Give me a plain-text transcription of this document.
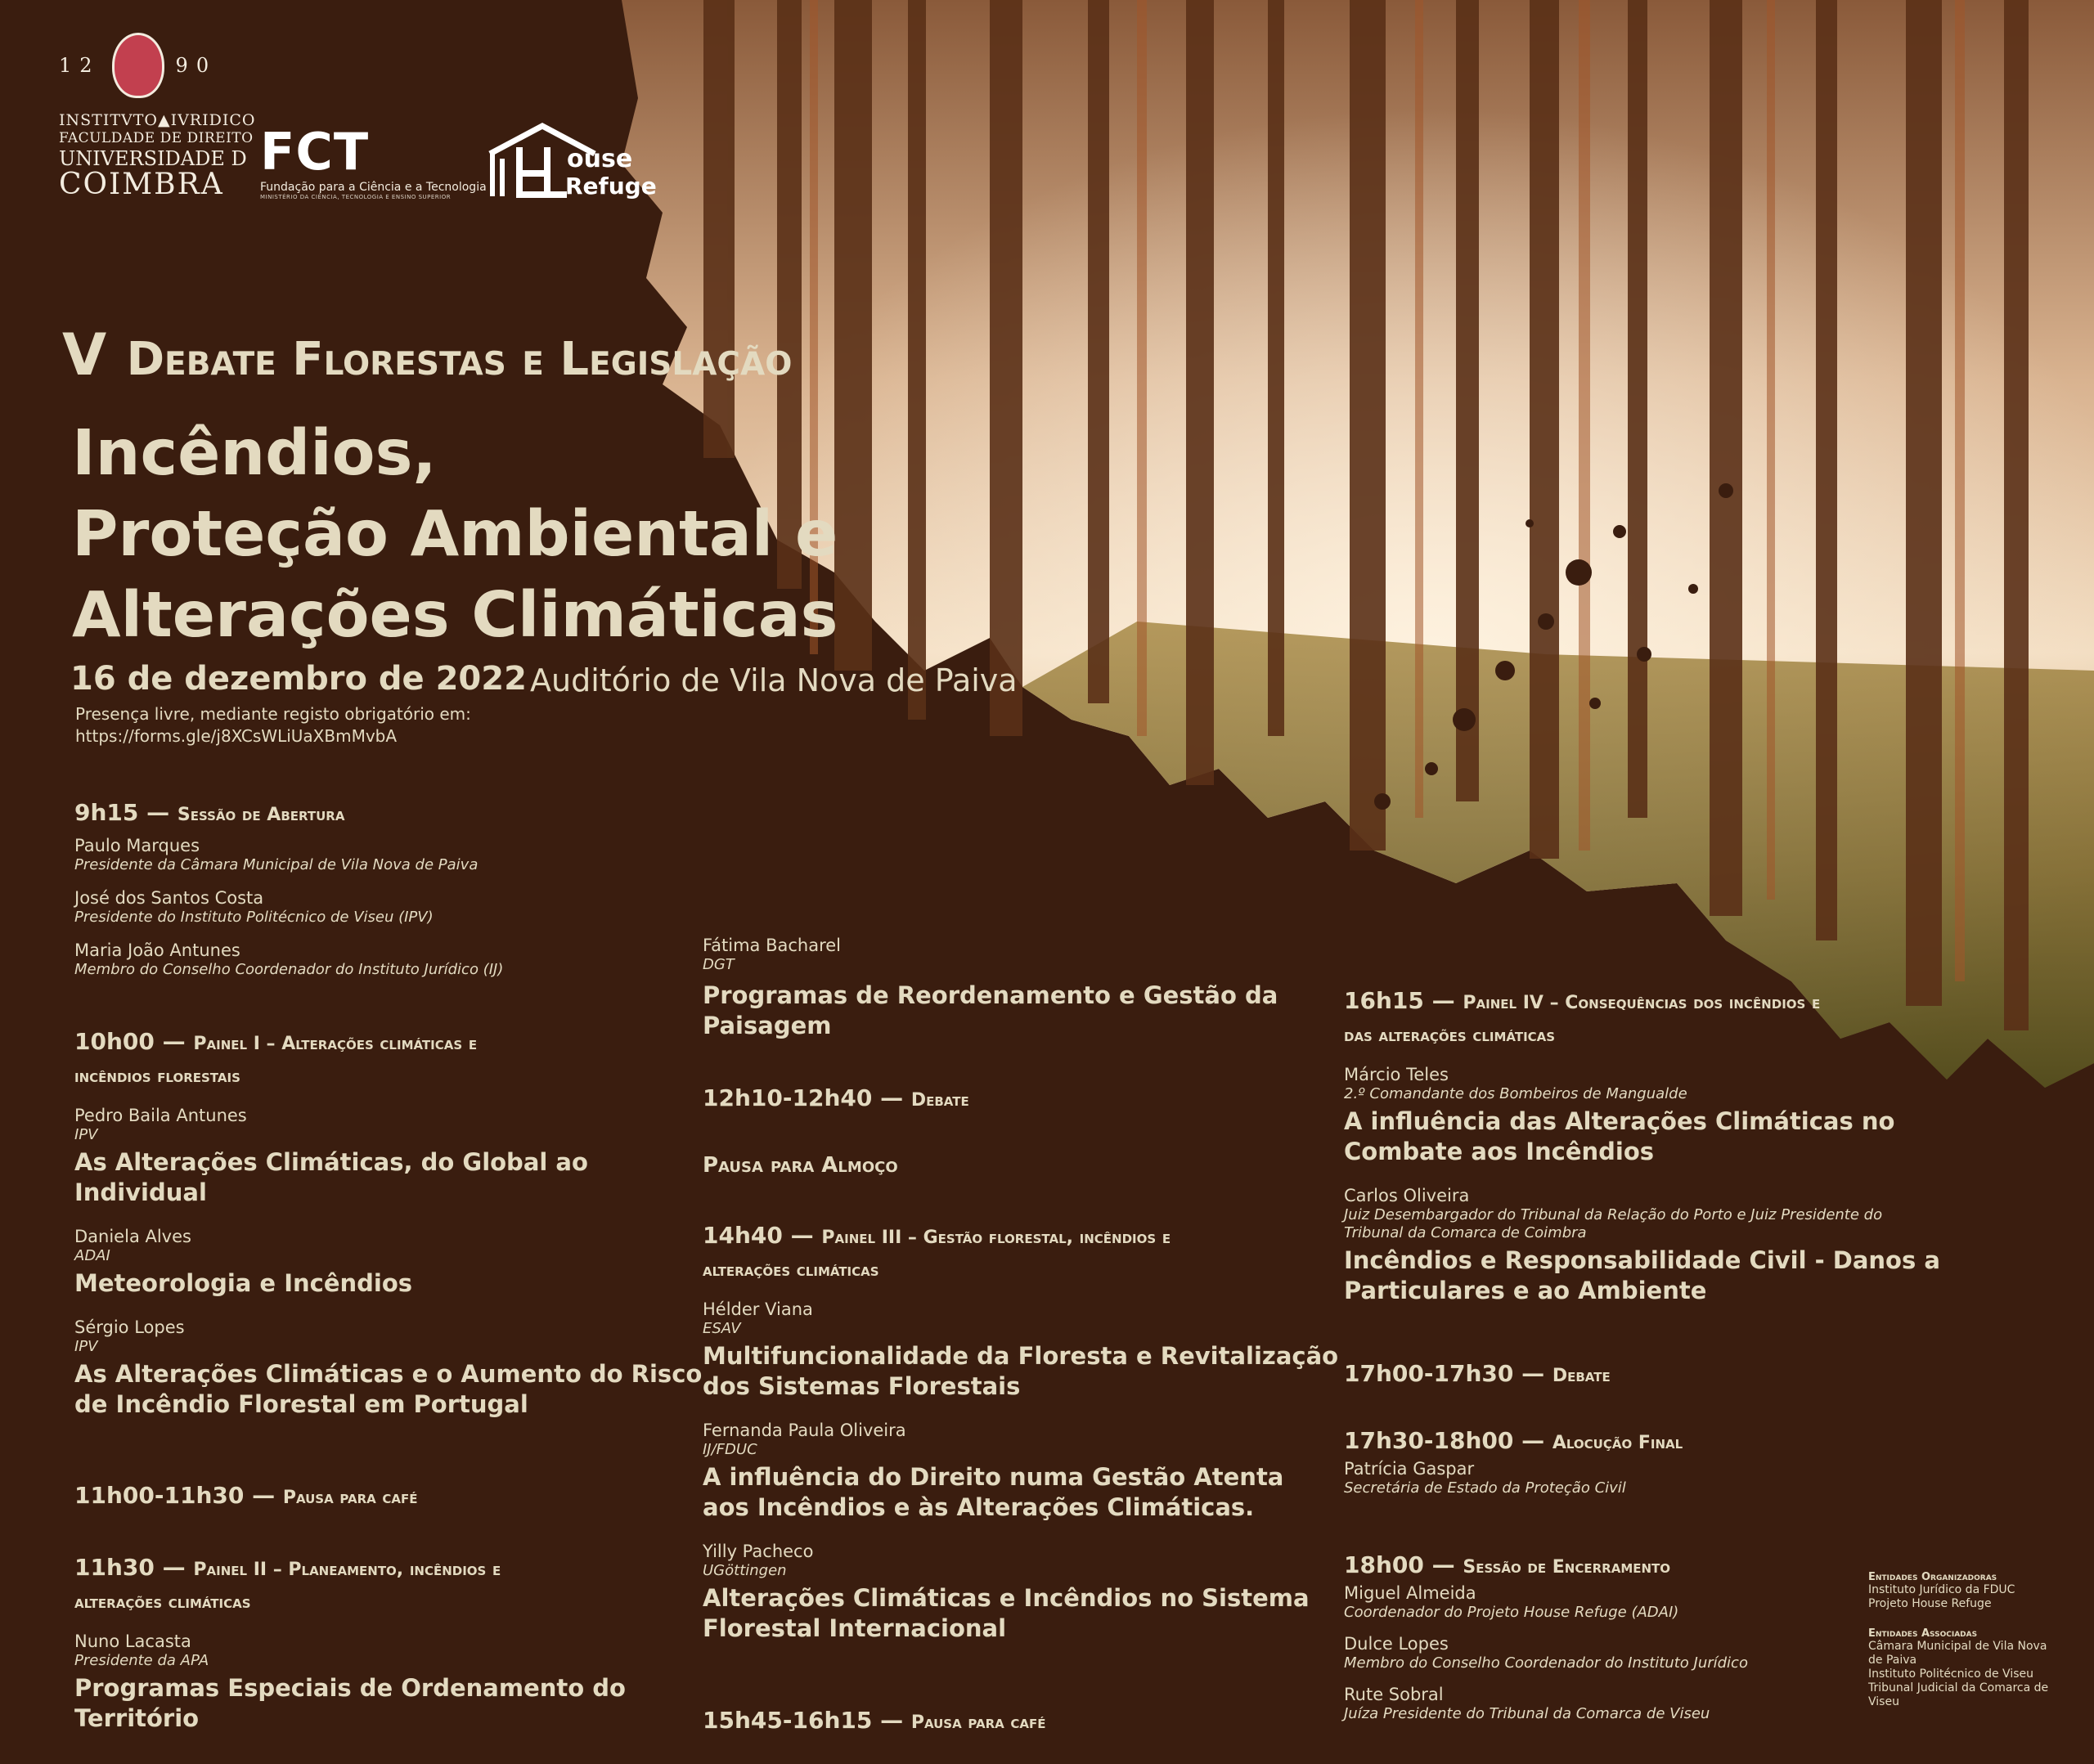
12	90
INSTITVTO▲IVRIDICO
FACULDADE DE DIREITO
UNIVERSIDADE D
COIMBRA
FCT
Fundação para a Ciência e a Tecnologia
MINISTÉRIO DA CIÊNCIA, TECNOLOGIA E ENSINO SUPERIOR
ouse
Refuge
V Debate Florestas e Legislação
Incêndios,
Proteção Ambiental e
Alterações Climáticas
16 de dezembro de 2022 Auditório de Vila Nova de Paiva
Presença livre, mediante registo obrigatório em:
https://forms.gle/j8XCsWLiUaXBmMvbA
9h15 — Sessão de Abertura
Paulo Marques
Presidente da Câmara Municipal de Vila Nova de Paiva
José dos Santos Costa
Presidente do Instituto Politécnico de Viseu (IPV)
Maria João Antunes
Membro do Conselho Coordenador do Instituto Jurídico (IJ)
10h00 — Painel I – Alterações climáticas e
incêndios florestais
Pedro Baila Antunes
IPV
As Alterações Climáticas, do Global ao
Individual
Daniela Alves
ADAI
Meteorologia e Incêndios
Sérgio Lopes
IPV
As Alterações Climáticas e o Aumento do Risco
de Incêndio Florestal em Portugal
11h00-11h30 — Pausa para café
11h30 — Painel II – Planeamento, incêndios e
alterações climáticas
Nuno Lacasta
Presidente da APA
Programas Especiais de Ordenamento do
Território
Fátima Bacharel
DGT
Programas de Reordenamento e Gestão da
Paisagem
12h10-12h40 — Debate
Pausa para Almoço
14h40 — Painel III – Gestão florestal, incêndios e
alterações climáticas
Hélder Viana
ESAV
Multifuncionalidade da Floresta e Revitalização
dos Sistemas Florestais
Fernanda Paula Oliveira
IJ/FDUC
A influência do Direito numa Gestão Atenta
aos Incêndios e às Alterações Climáticas.
Yilly Pacheco
UGöttingen
Alterações Climáticas e Incêndios no Sistema
Florestal Internacional
15h45-16h15 — Pausa para café
16h15 — Painel IV – Consequências dos incêndios e
das alterações climáticas
Márcio Teles
2.º Comandante dos Bombeiros de Mangualde
A influência das Alterações Climáticas no
Combate aos Incêndios
Carlos Oliveira
Juiz Desembargador do Tribunal da Relação do Porto e Juiz Presidente do
Tribunal da Comarca de Coimbra
Incêndios e Responsabilidade Civil - Danos a
Particulares e ao Ambiente
17h00-17h30 — Debate
17h30-18h00 — Alocução Final
Patrícia Gaspar
Secretária de Estado da Proteção Civil
18h00 — Sessão de Encerramento
Miguel Almeida
Coordenador do Projeto House Refuge (ADAI)
Dulce Lopes
Membro do Conselho Coordenador do Instituto Jurídico
Rute Sobral
Juíza Presidente do Tribunal da Comarca de Viseu
Entidades Organizadoras
Instituto Jurídico da FDUC
Projeto House Refuge
Entidades Associadas
Câmara Municipal de Vila Nova
de Paiva
Instituto Politécnico de Viseu
Tribunal Judicial da Comarca de
Viseu
